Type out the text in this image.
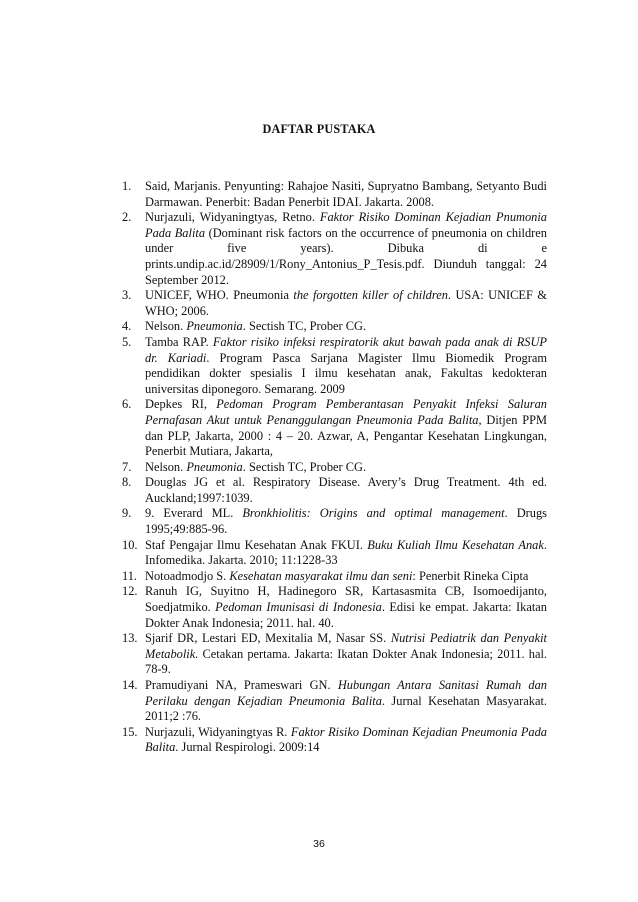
DAFTAR PUSTAKA
1. Said, Marjanis. Penyunting: Rahajoe Nasiti, Supryatno Bambang, Setyanto Budi Darmawan. Penerbit: Badan Penerbit IDAI. Jakarta. 2008.
2. Nurjazuli, Widyaningtyas, Retno. Faktor Risiko Dominan Kejadian Pnumonia Pada Balita (Dominant risk factors on the occurrence of pneumonia on children under five years). Dibuka di e prints.undip.ac.id/28909/1/Rony_Antonius_P_Tesis.pdf. Diunduh tanggal: 24 September 2012.
3. UNICEF, WHO. Pneumonia the forgotten killer of children. USA: UNICEF & WHO; 2006.
4. Nelson. Pneumonia. Sectish TC, Prober CG.
5. Tamba RAP. Faktor risiko infeksi respiratorik akut bawah pada anak di RSUP dr. Kariadi. Program Pasca Sarjana Magister Ilmu Biomedik Program pendidikan dokter spesialis I ilmu kesehatan anak, Fakultas kedokteran universitas diponegoro. Semarang. 2009
6. Depkes RI, Pedoman Program Pemberantasan Penyakit Infeksi Saluran Pernafasan Akut untuk Penanggulangan Pneumonia Pada Balita, Ditjen PPM dan PLP, Jakarta, 2000 : 4 – 20. Azwar, A, Pengantar Kesehatan Lingkungan, Penerbit Mutiara, Jakarta,
7. Nelson. Pneumonia. Sectish TC, Prober CG.
8. Douglas JG et al. Respiratory Disease. Avery’s Drug Treatment. 4th ed. Auckland;1997:1039.
9. 9. Everard ML. Bronkhiolitis: Origins and optimal management. Drugs 1995;49:885-96.
10. Staf Pengajar Ilmu Kesehatan Anak FKUI. Buku Kuliah Ilmu Kesehatan Anak. Infomedika. Jakarta. 2010; 11:1228-33
11. Notoadmodjo S. Kesehatan masyarakat ilmu dan seni: Penerbit Rineka Cipta
12. Ranuh IG, Suyitno H, Hadinegoro SR, Kartasasmita CB, Isomoedijanto, Soedjatmiko. Pedoman Imunisasi di Indonesia. Edisi ke empat. Jakarta: Ikatan Dokter Anak Indonesia; 2011. hal. 40.
13. Sjarif DR, Lestari ED, Mexitalia M, Nasar SS. Nutrisi Pediatrik dan Penyakit Metabolik. Cetakan pertama. Jakarta: Ikatan Dokter Anak Indonesia; 2011. hal. 78-9.
14. Pramudiyani NA, Prameswari GN. Hubungan Antara Sanitasi Rumah dan Perilaku dengan Kejadian Pneumonia Balita. Jurnal Kesehatan Masyarakat. 2011;2 :76.
15. Nurjazuli, Widyaningtyas R. Faktor Risiko Dominan Kejadian Pneumonia Pada Balita. Jurnal Respirologi. 2009:14
36
